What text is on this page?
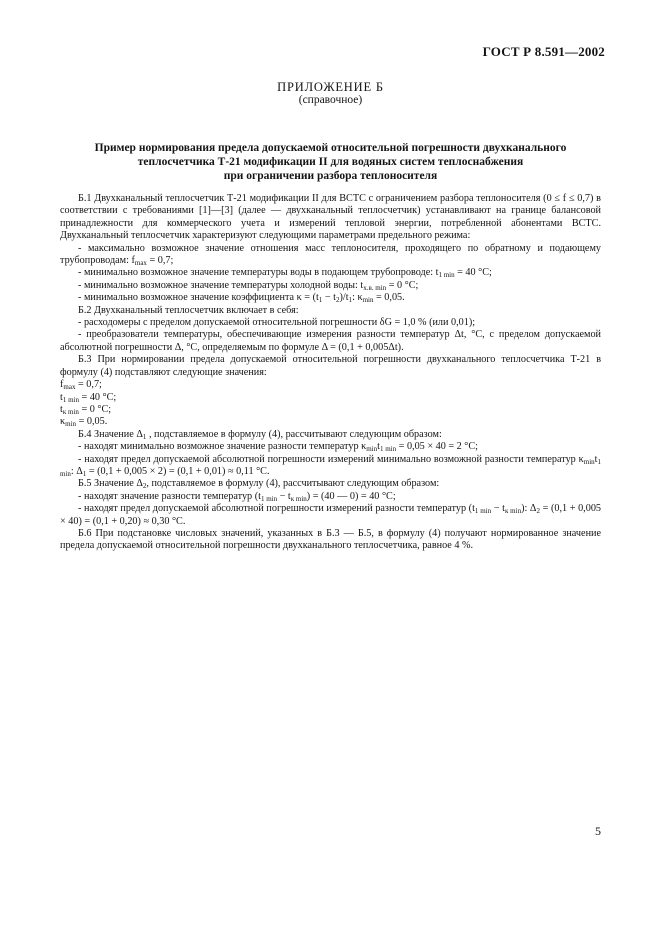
ГОСТ Р 8.591—2002
ПРИЛОЖЕНИЕ Б
(справочное)
Пример нормирования предела допускаемой относительной погрешности двухканального
теплосчетчика Т-21 модификации II для водяных систем теплоснабжения
при ограничении разбора теплоносителя

Б.1 Двухканальный теплосчетчик Т-21 модификации II для ВСТС с ограничением разбора теплоносителя (0 ≤ f ≤ 0,7) в соответствии с требованиями [1]—[3] (далее — двухканальный теплосчетчик) устанавливают на границе балансовой принадлежности для коммерческого учета и измерений тепловой энергии, потребленной абонентами ВСТС. Двухканальный теплосчетчик характеризуют следующими параметрами предельного режима:

- максимально возможное значение отношения масс теплоносителя, проходящего по обратному и подающему трубопроводам: $f_{max} = 0,7$;

- минимально возможное значение температуры воды в подающем трубопроводе: $t_{1 min} = 40$ °С;

- минимально возможное значение температуры холодной воды: $t_{х.в. min} = 0$ °С;

- минимально возможное значение коэффициента $\kappa = (t_1 - t_2)/t_1$: $\kappa_{min} = 0,05$.

Б.2 Двухканальный теплосчетчик включает в себя:

- расходомеры с пределом допускаемой относительной погрешности δG = 1,0 % (или 0,01);

- преобразователи температуры, обеспечивающие измерения разности температур Δt, °С, с пределом допускаемой абсолютной погрешности Δ, °С, определяемым по формуле Δ = (0,1 + 0,005Δt).

Б.3 При нормировании предела допускаемой относительной погрешности двухканального теплосчетчика Т-21 в формулу (4) подставляют следующие значения:

$f_{max} = 0,7$;

$t_{1 min} = 40$ °С;

$t_{к min} = 0$ °С;

$\kappa_{min} = 0,05$.

Б.4 Значение $\Delta_1$ , подставляемое в формулу (4), рассчитывают следующим образом:

- находят минимально возможное значение разности температур $\kappa_{min}t_{1 min} = 0,05 \times 40 = 2$ °С;

- находят предел допускаемой абсолютной погрешности измерений минимально возможной разности температур $\kappa_{min}t_{1 min}$: $\Delta_1 = (0,1 + 0,005 \times 2) = (0,1 + 0,01) \approx 0,11$ °С.

Б.5 Значение $\Delta_2$, подставляемое в формулу (4), рассчитывают следующим образом:

- находят значение разности температур $(t_{1 min} - t_{к min}) = (40$ — 0) = 40 °С;

- находят предел допускаемой абсолютной погрешности измерений разности температур $(t_{1 min} - t_{к min})$: $\Delta_2 = (0,1 + 0,005 \times 40) = (0,1 + 0,20) \approx 0,30$ °С.

Б.6 При подстановке числовых значений, указанных в Б.3 — Б.5, в формулу (4) получают нормированное значение предела допускаемой относительной погрешности двухканального теплосчетчика, равное 4 %.

5
